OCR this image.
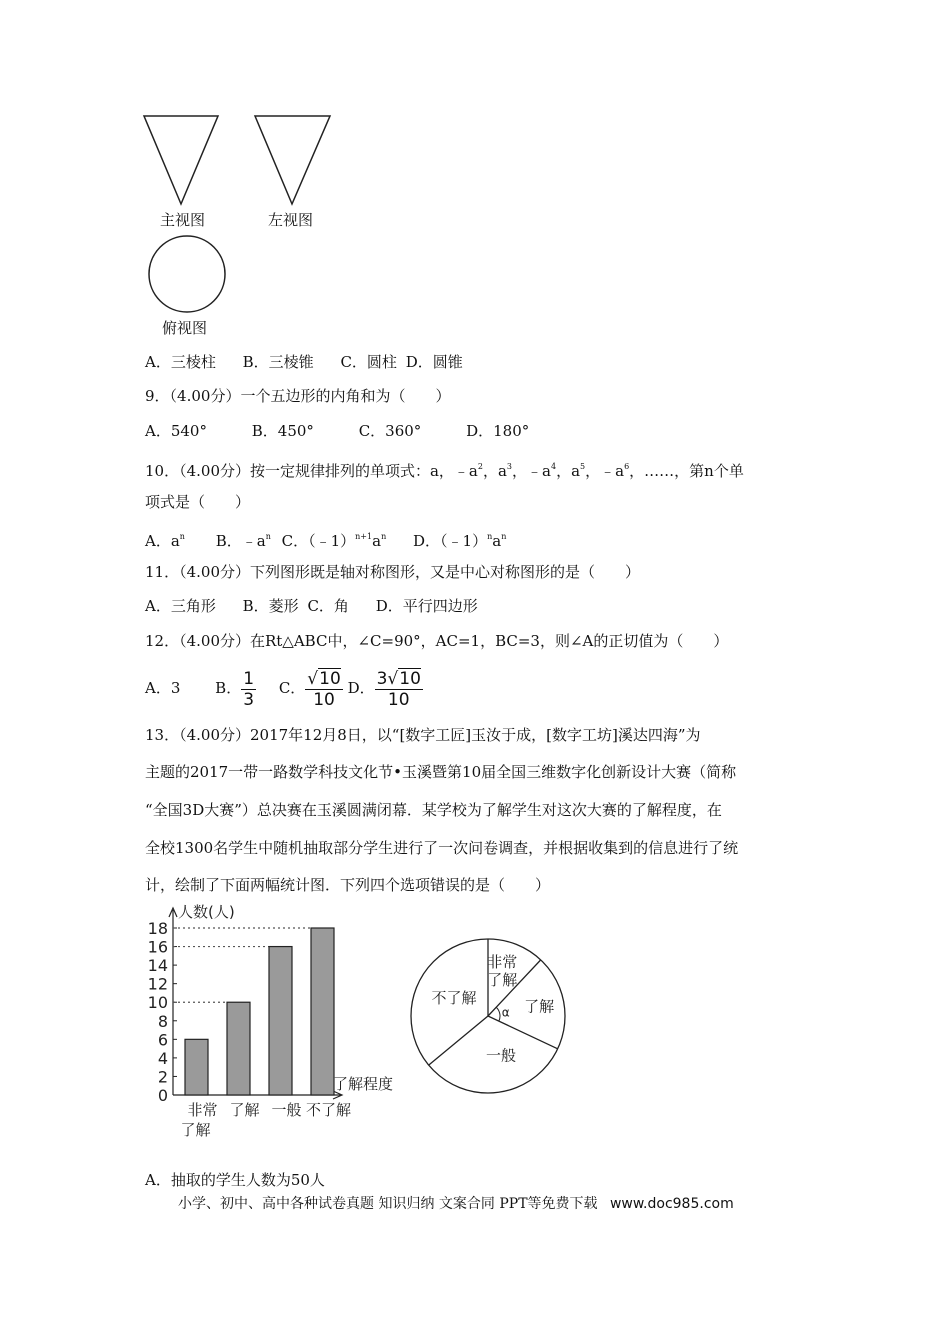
主视图	左视图
俯视图
A．三棱柱 B．三棱锥 C．圆柱 D．圆锥
9．（4.00分）一个五边形的内角和为（　　）
A．540°	B．450°	C．360°	D．180°
10．（4.00分）按一定规律排列的单项式：a，$﹣a^2$，$a^3$，$﹣a^4$，$a^5$，$﹣a^6$，……，第n个单
项式是（　　）
A．$a^n$ B．$﹣a^n$ C．$(﹣1)^{n+1}a^n$ D．$(﹣1)^na^n$
11．（4.00分）下列图形既是轴对称图形，又是中心对称图形的是（　　）
A．三角形 B．菱形 C．角 D．平行四边形
12．（4.00分）在Rt△ABC中，∠C=90°，AC=1，BC=3，则∠A的正切值为（　　）
A．3 B． $\frac{1}{3}$ C． $\frac{√10}{10}$ D． $\frac{3√10}{10}$
13．（4.00分）2017年12月8日，以“[数字工匠]玉汝于成，[数字工坊]溪达四海”为
主题的2017一带一路数学科技文化节•玉溪暨第10届全国三维数字化创新设计大赛（简称
“全国3D大赛”）总决赛在玉溪圆满闭幕．某学校为了解学生对这次大赛的了解程度，在
全校1300名学生中随机抽取部分学生进行了一次问卷调查，并根据收集到的信息进行了统
计，绘制了下面两幅统计图．下列四个选项错误的是（　　）
0
2
4
6
8
10
12
14
16
18
非常
了解
了解 一般 不了解
人数(人)
了解程度
非常
了解
了解
一般
不了解
α
A．抽取的学生人数为50人
小学、初中、高中各种试卷真题 知识归纳 文案合同 PPT等免费下载 www.doc985.com
